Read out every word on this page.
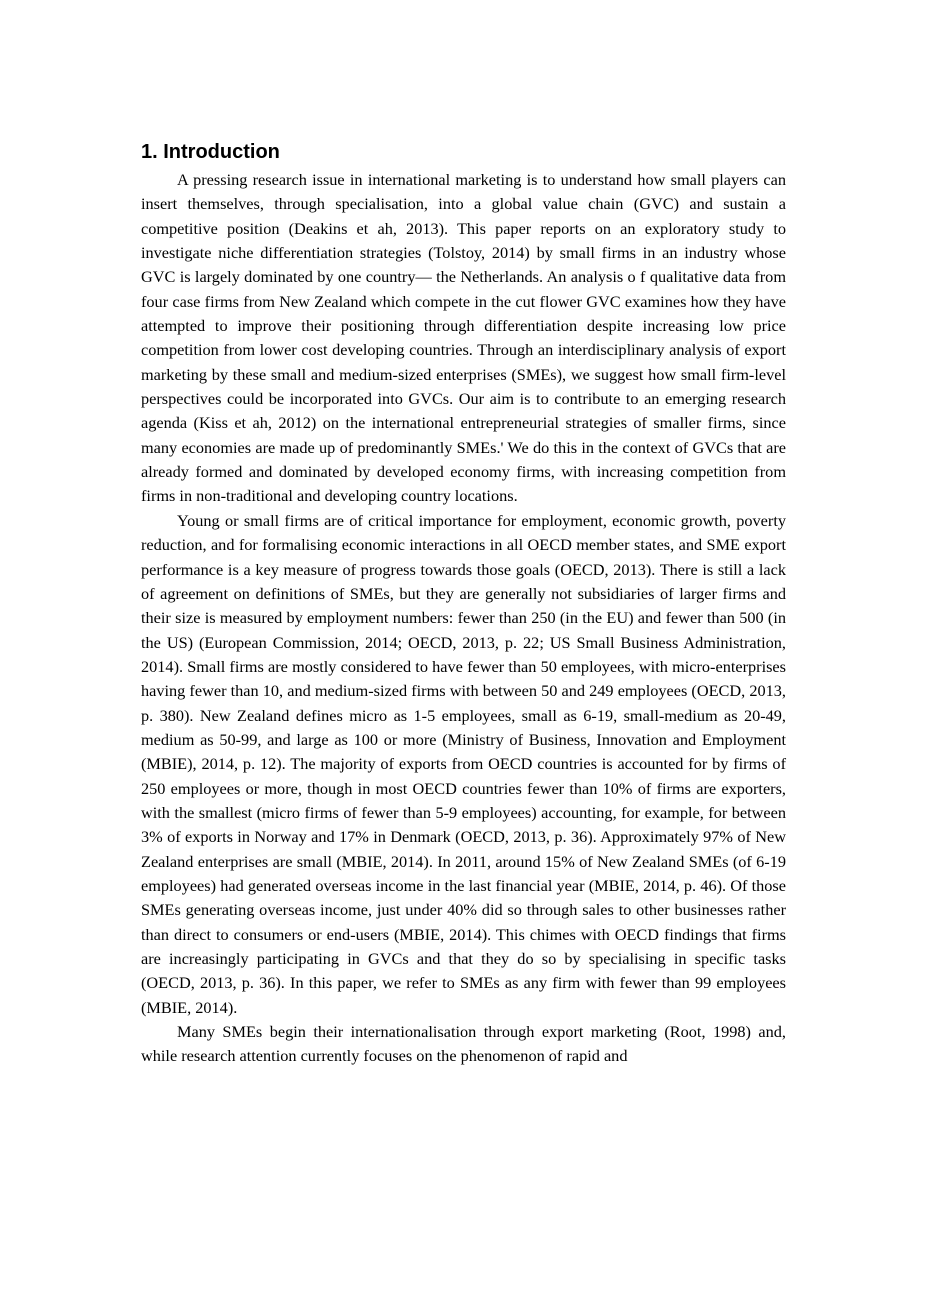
1. Introduction

A pressing research issue in international marketing is to understand how small players can insert themselves, through specialisation, into a global value chain (GVC) and sustain a competitive position (Deakins et ah, 2013). This paper reports on an exploratory study to investigate niche differentiation strategies (Tolstoy, 2014) by small firms in an industry whose GVC is largely dominated by one country— the Netherlands. An analysis o f qualitative data from four case firms from New Zealand which compete in the cut flower GVC examines how they have attempted to improve their positioning through differentiation despite increasing low price competition from lower cost developing countries. Through an interdisciplinary analysis of export marketing by these small and medium-sized enterprises (SMEs), we suggest how small firm-level perspectives could be incorporated into GVCs. Our aim is to contribute to an emerging research agenda (Kiss et ah, 2012) on the international entrepreneurial strategies of smaller firms, since many economies are made up of predominantly SMEs.' We do this in the context of GVCs that are already formed and dominated by developed economy firms, with increasing competition from firms in non-traditional and developing country locations.

Young or small firms are of critical importance for employment, economic growth, poverty reduction, and for formalising economic interactions in all OECD member states, and SME export performance is a key measure of progress towards those goals (OECD, 2013). There is still a lack of agreement on definitions of SMEs, but they are generally not subsidiaries of larger firms and their size is measured by employment numbers: fewer than 250 (in the EU) and fewer than 500 (in the US) (European Commission, 2014; OECD, 2013, p. 22; US Small Business Administration, 2014). Small firms are mostly considered to have fewer than 50 employees, with micro-enterprises having fewer than 10, and medium-sized firms with between 50 and 249 employees (OECD, 2013, p. 380). New Zealand defines micro as 1-5 employees, small as 6-19, small-medium as 20-49, medium as 50-99, and large as 100 or more (Ministry of Business, Innovation and Employment (MBIE), 2014, p. 12). The majority of exports from OECD countries is accounted for by firms of 250 employees or more, though in most OECD countries fewer than 10% of firms are exporters, with the smallest (micro firms of fewer than 5-9 employees) accounting, for example, for between 3% of exports in Norway and 17% in Denmark (OECD, 2013, p. 36). Approximately 97% of New Zealand enterprises are small (MBIE, 2014). In 2011, around 15% of New Zealand SMEs (of 6-19 employees) had generated overseas income in the last financial year (MBIE, 2014, p. 46). Of those SMEs generating overseas income, just under 40% did so through sales to other businesses rather than direct to consumers or end-users (MBIE, 2014). This chimes with OECD findings that firms are increasingly participating in GVCs and that they do so by specialising in specific tasks (OECD, 2013, p. 36). In this paper, we refer to SMEs as any firm with fewer than 99 employees (MBIE, 2014).

Many SMEs begin their internationalisation through export marketing (Root, 1998) and, while research attention currently focuses on the phenomenon of rapid and
